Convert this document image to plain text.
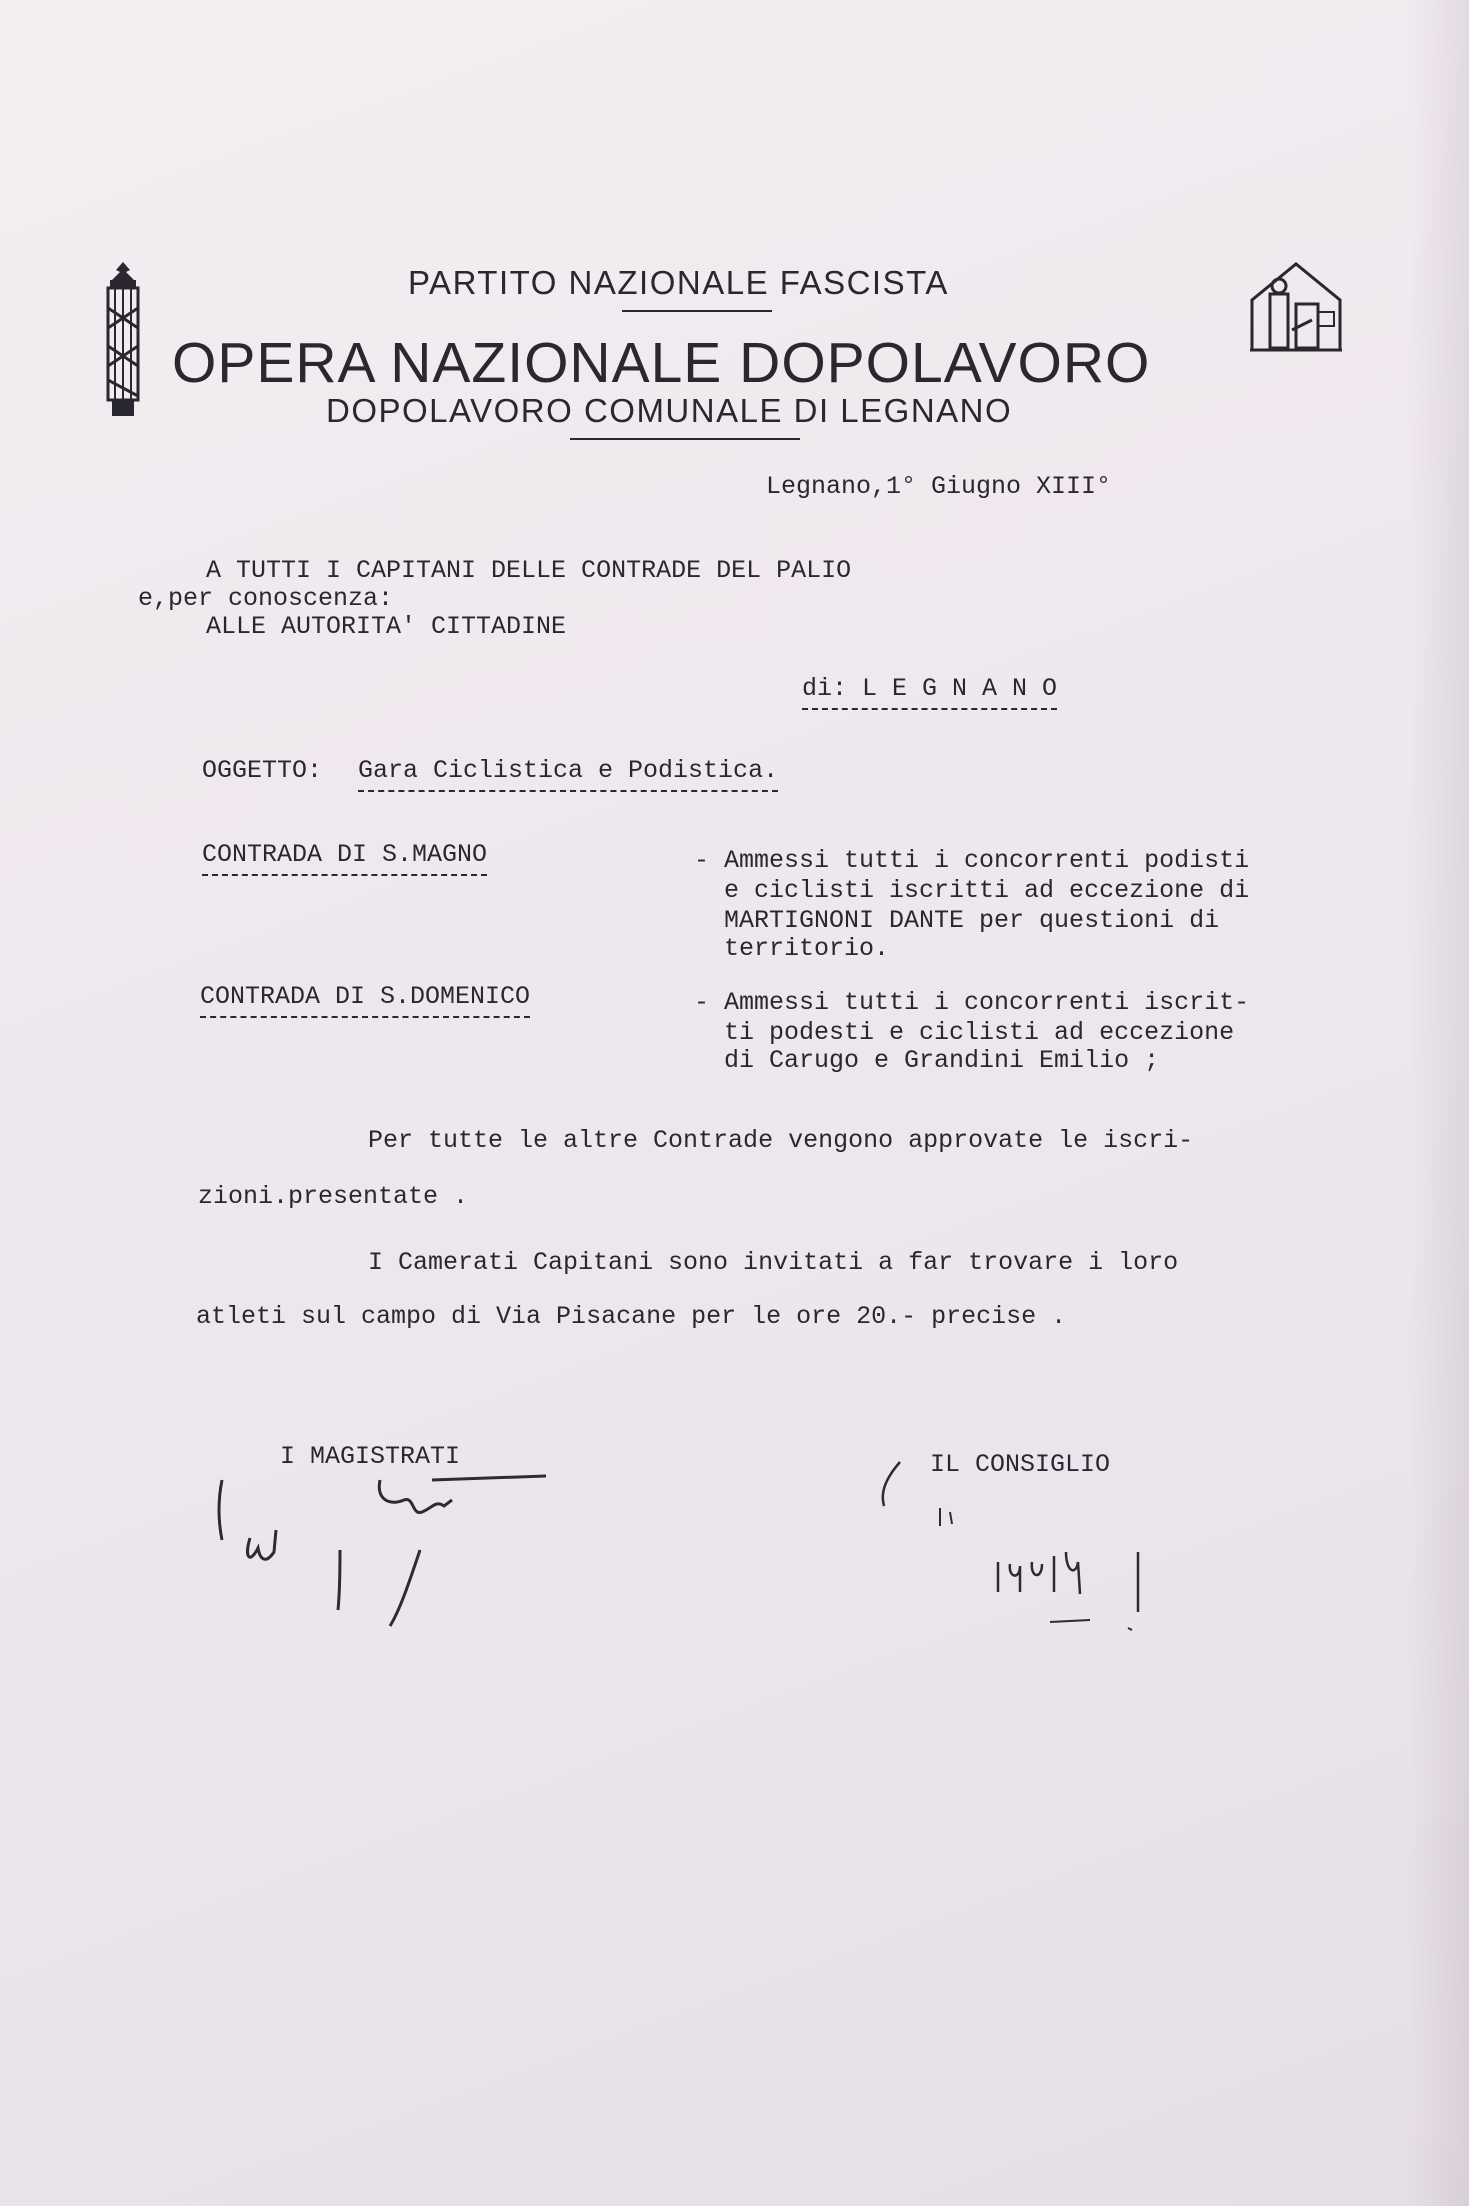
PARTITO NAZIONALE FASCISTA
OPERA NAZIONALE DOPOLAVORO
DOPOLAVORO COMUNALE DI LEGNANO
Legnano,1° Giugno XIII°
A TUTTI I CAPITANI DELLE CONTRADE DEL PALIO
e,per conoscenza:
ALLE AUTORITA' CITTADINE
di: L E G N A N O
OGGETTO: Gara Ciclistica e Podistica.
CONTRADA DI S.MAGNO	- Ammessi tutti i concorrenti podisti
e ciclisti iscritti ad eccezione di
MARTIGNONI DANTE per questioni di
territorio.
CONTRADA DI S.DOMENICO	- Ammessi tutti i concorrenti iscrit-
ti podesti e ciclisti ad eccezione
di Carugo e Grandini Emilio ;
Per tutte le altre Contrade vengono approvate le iscri-
zioni.presentate .
I Camerati Capitani sono invitati a far trovare i loro
atleti sul campo di Via Pisacane per le ore 20.- precise .
I MAGISTRATI	IL CONSIGLIO
